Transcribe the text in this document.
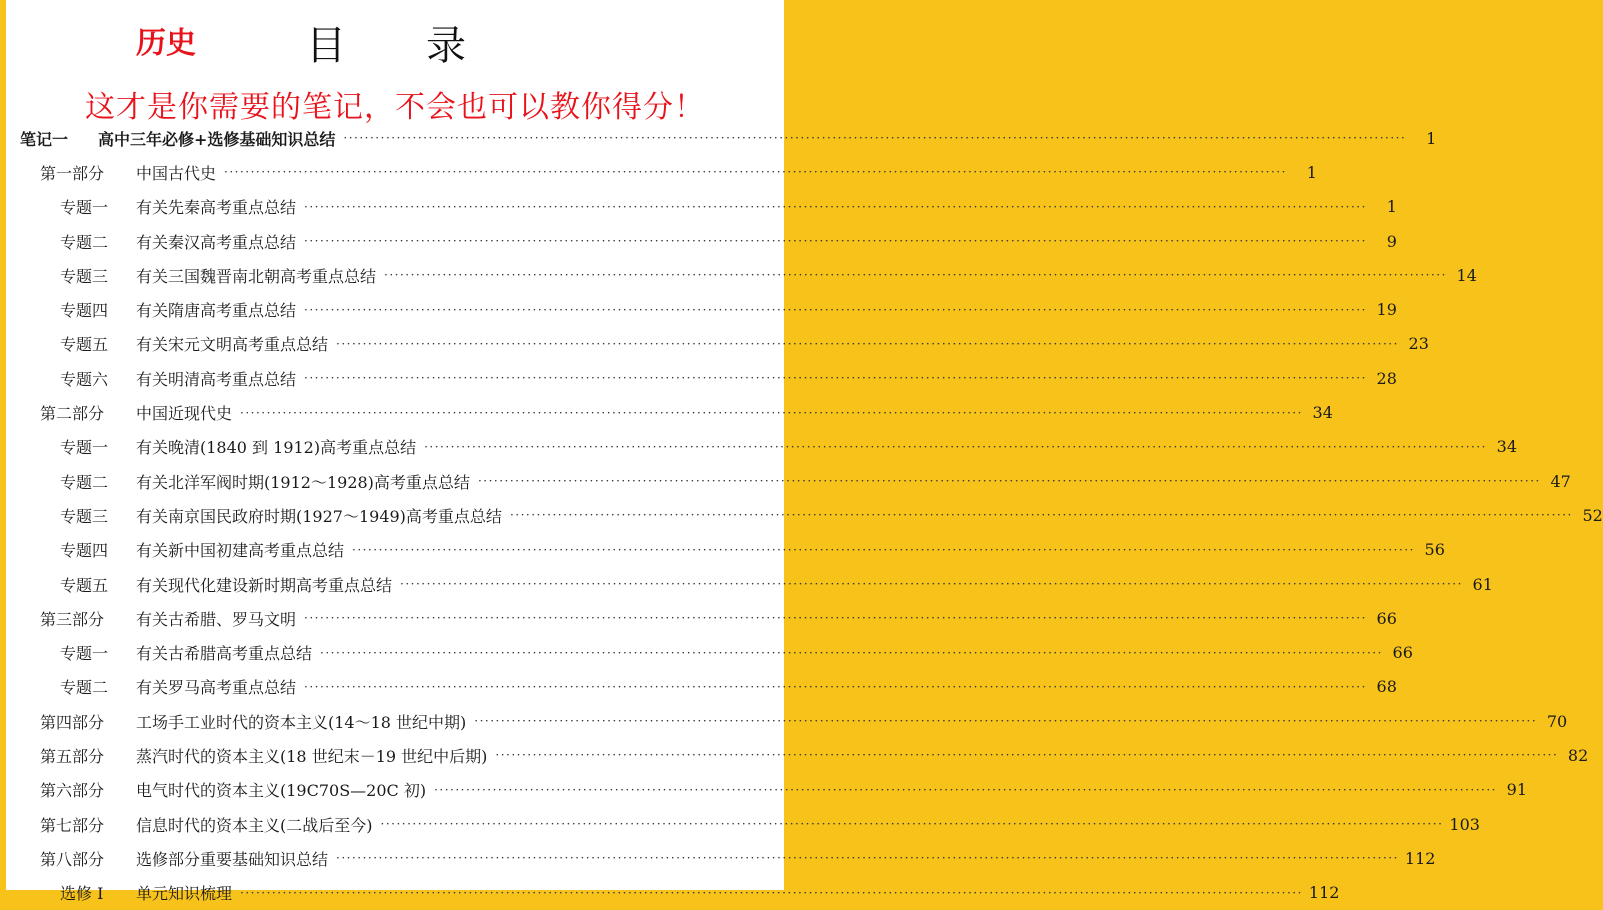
历史	目录
这才是你需要的笔记，不会也可以教你得分！
笔记一	高中三年必修+选修基础知识总结 ········································································································································································································	1
第一部分	中国古代史 ········································································································································································································	1
专题一	有关先秦高考重点总结 ········································································································································································································	1
专题二	有关秦汉高考重点总结 ········································································································································································································	9
专题三	有关三国魏晋南北朝高考重点总结 ········································································································································································································ 14
专题四	有关隋唐高考重点总结 ········································································································································································································ 19
专题五	有关宋元文明高考重点总结 ········································································································································································································ 23
专题六	有关明清高考重点总结 ········································································································································································································ 28
第二部分	中国近现代史 ········································································································································································································ 34
专题一	有关晚清(1840 到 1912)高考重点总结 ········································································································································································································ 34
专题二	有关北洋军阀时期(1912～1928)高考重点总结 ········································································································································································································ 47
专题三	有关南京国民政府时期(1927～1949)高考重点总结 ········································································································································································································ 52
专题四	有关新中国初建高考重点总结 ········································································································································································································ 56
专题五	有关现代化建设新时期高考重点总结 ········································································································································································································ 61
第三部分	有关古希腊、罗马文明 ········································································································································································································ 66
专题一	有关古希腊高考重点总结 ········································································································································································································ 66
专题二	有关罗马高考重点总结 ········································································································································································································ 68
第四部分	工场手工业时代的资本主义(14～18 世纪中期) ········································································································································································································ 70
第五部分	蒸汽时代的资本主义(18 世纪末－19 世纪中后期) ········································································································································································································ 82
第六部分	电气时代的资本主义(19C70S—20C 初) ········································································································································································································ 91
第七部分	信息时代的资本主义(二战后至今) ········································································································································································································ 103
第八部分	选修部分重要基础知识总结 ········································································································································································································ 112
选修 I	单元知识梳理 ········································································································································································································ 112
